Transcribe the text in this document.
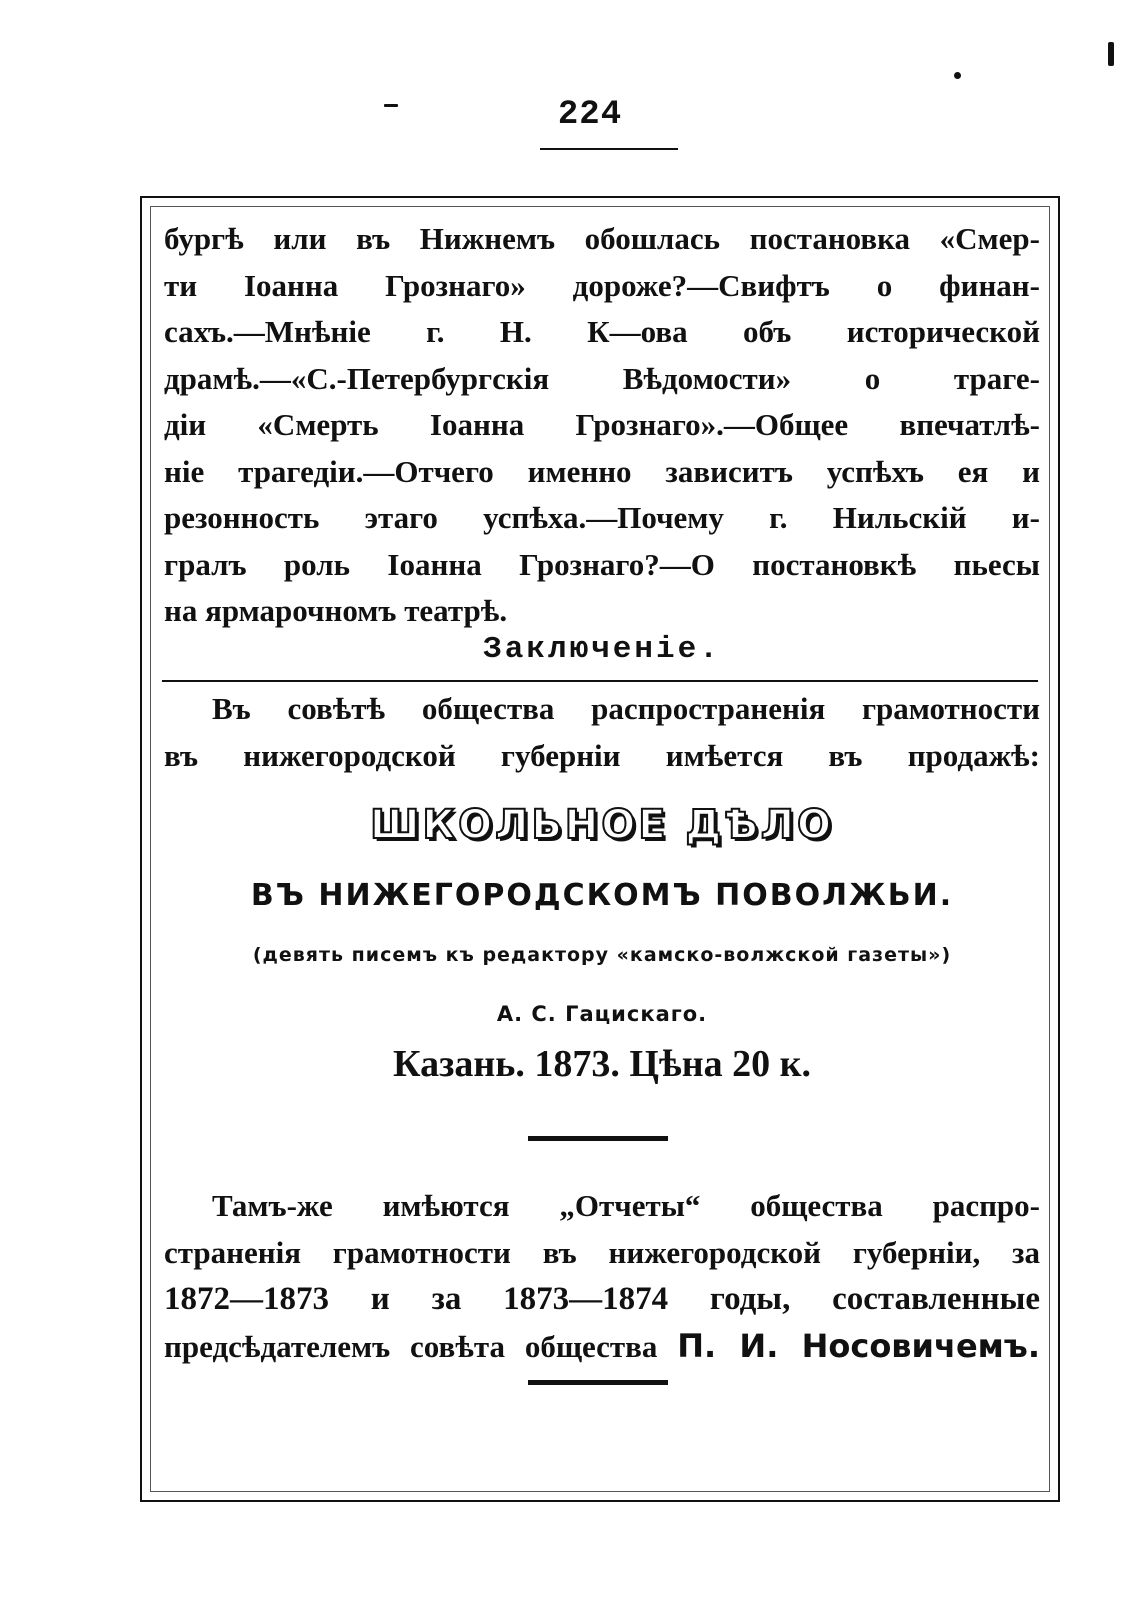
224
бургѣ или въ Нижнемъ обошлась постановка «Смер-
ти Іоанна Грознаго» дороже?—Свифтъ о финан-
сахъ.—Мнѣніе г. Н. К—ова объ исторической
драмѣ.—«С.-Петербургскія Вѣдомости» о траге-
діи «Смерть Іоанна Грознаго».—Общее впечатлѣ-
ніе трагедіи.—Отчего именно зависитъ успѣхъ ея и
резонность этаго успѣха.—Почему г. Нильскій и-
гралъ роль Іоанна Грознаго?—О постановкѣ пьесы
на ярмарочномъ театрѣ.
Заключеніе.
Въ совѣтѣ общества распространенія грамотности
въ нижегородской губерніи имѣется въ продажѣ:
ШКОЛЬНОЕ ДѢЛО
ВЪ НИЖЕГОРОДСКОМЪ ПОВОЛЖЬИ.
(девять писемъ къ редактору «камско-волжской газеты»)
А. С. Гацискаго.
Казань. 1873. Цѣна 20 к.
Тамъ-же имѣются „Отчеты“ общества распро-
страненія грамотности въ нижегородской губерніи, за
1872—1873 и за 1873—1874 годы, составленные
предсѣдателемъ совѣта общества П. И. Носовичемъ.
